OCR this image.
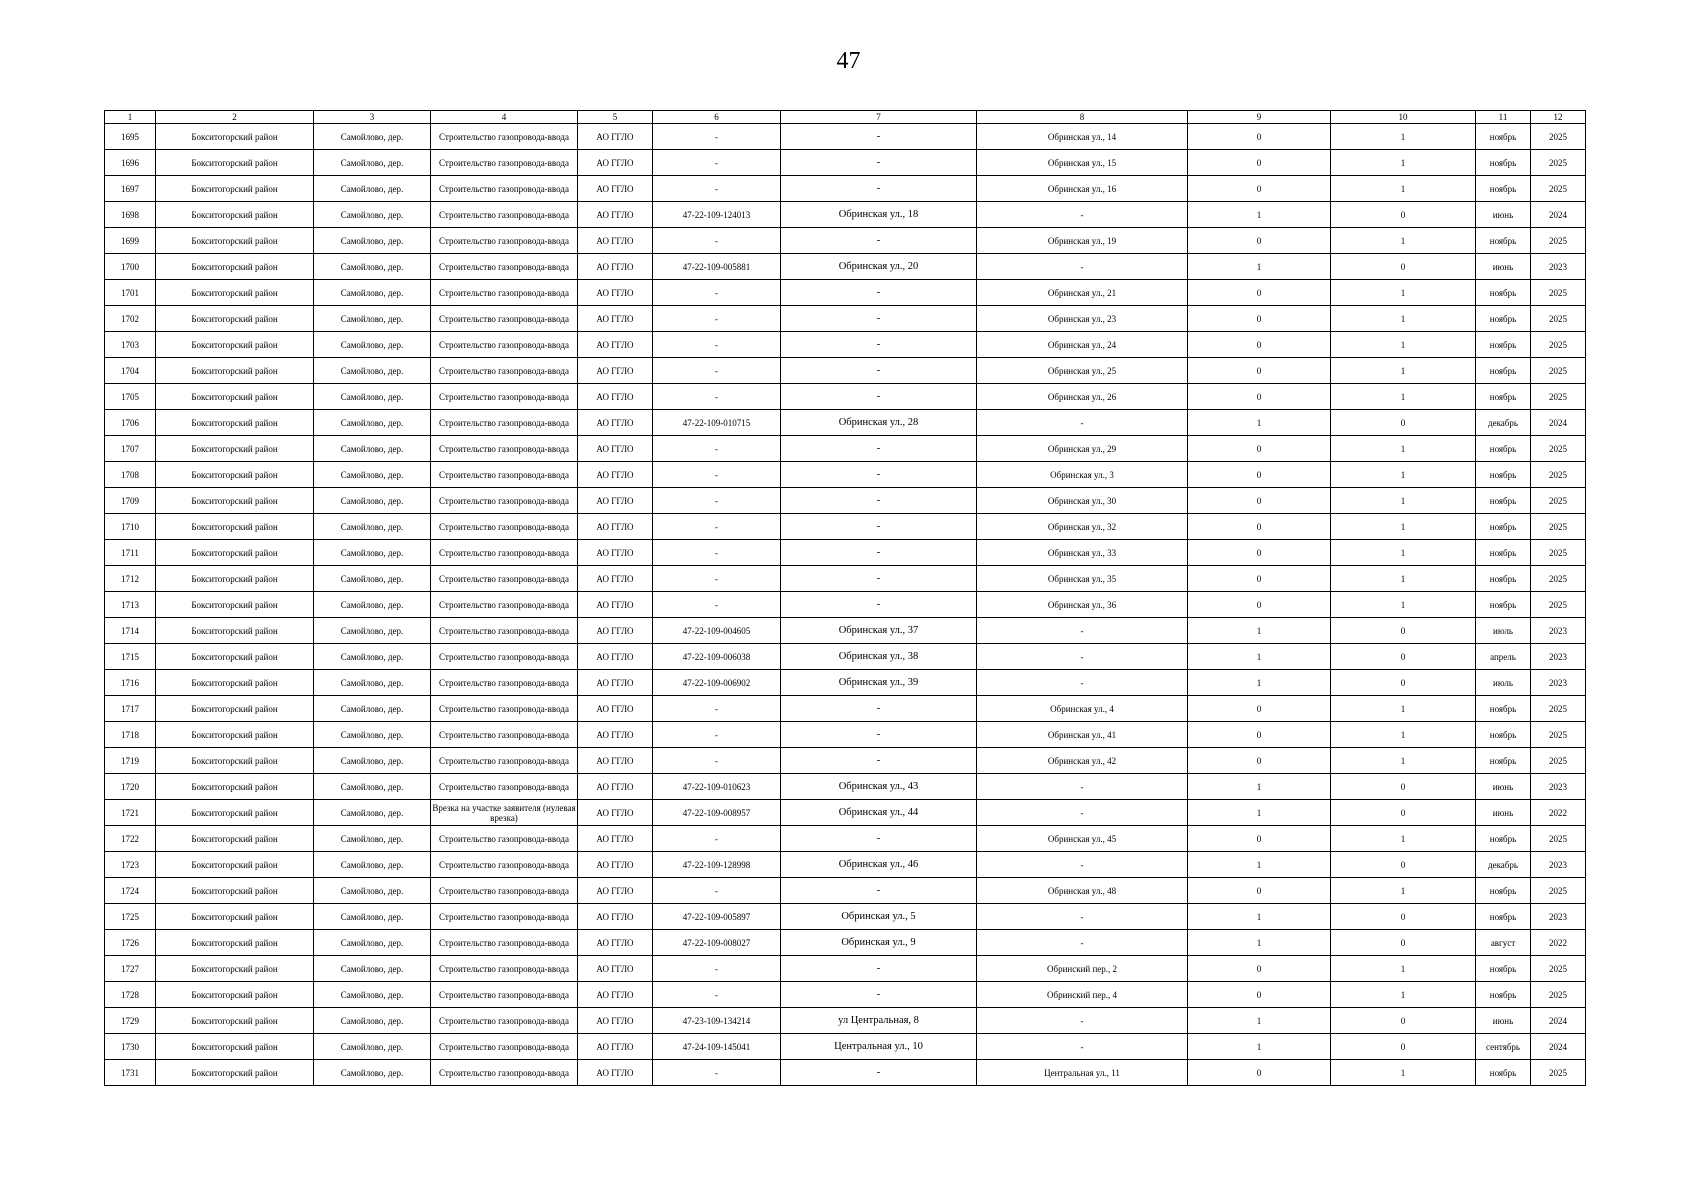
47
1	2	3	4	5	6	7	8	9	10	11	12
1695	Бокситогорский район	Самойлово, дер.	Строительство газопровода-ввода	АО ГГЛО	-	-	Обринская ул., 14	0	1	ноябрь	2025
1696	Бокситогорский район	Самойлово, дер.	Строительство газопровода-ввода	АО ГГЛО	-	-	Обринская ул., 15	0	1	ноябрь	2025
1697	Бокситогорский район	Самойлово, дер.	Строительство газопровода-ввода	АО ГГЛО	-	-	Обринская ул., 16	0	1	ноябрь	2025
1698	Бокситогорский район	Самойлово, дер.	Строительство газопровода-ввода	АО ГГЛО	47-22-109-124013	Обринская ул., 18	-	1	0	июнь	2024
1699	Бокситогорский район	Самойлово, дер.	Строительство газопровода-ввода	АО ГГЛО	-	-	Обринская ул., 19	0	1	ноябрь	2025
1700	Бокситогорский район	Самойлово, дер.	Строительство газопровода-ввода	АО ГГЛО	47-22-109-005881	Обринская ул., 20	-	1	0	июнь	2023
1701	Бокситогорский район	Самойлово, дер.	Строительство газопровода-ввода	АО ГГЛО	-	-	Обринская ул., 21	0	1	ноябрь	2025
1702	Бокситогорский район	Самойлово, дер.	Строительство газопровода-ввода	АО ГГЛО	-	-	Обринская ул., 23	0	1	ноябрь	2025
1703	Бокситогорский район	Самойлово, дер.	Строительство газопровода-ввода	АО ГГЛО	-	-	Обринская ул., 24	0	1	ноябрь	2025
1704	Бокситогорский район	Самойлово, дер.	Строительство газопровода-ввода	АО ГГЛО	-	-	Обринская ул., 25	0	1	ноябрь	2025
1705	Бокситогорский район	Самойлово, дер.	Строительство газопровода-ввода	АО ГГЛО	-	-	Обринская ул., 26	0	1	ноябрь	2025
1706	Бокситогорский район	Самойлово, дер.	Строительство газопровода-ввода	АО ГГЛО	47-22-109-010715	Обринская ул., 28	-	1	0	декабрь	2024
1707	Бокситогорский район	Самойлово, дер.	Строительство газопровода-ввода	АО ГГЛО	-	-	Обринская ул., 29	0	1	ноябрь	2025
1708	Бокситогорский район	Самойлово, дер.	Строительство газопровода-ввода	АО ГГЛО	-	-	Обринская ул., 3	0	1	ноябрь	2025
1709	Бокситогорский район	Самойлово, дер.	Строительство газопровода-ввода	АО ГГЛО	-	-	Обринская ул., 30	0	1	ноябрь	2025
1710	Бокситогорский район	Самойлово, дер.	Строительство газопровода-ввода	АО ГГЛО	-	-	Обринская ул., 32	0	1	ноябрь	2025
1711	Бокситогорский район	Самойлово, дер.	Строительство газопровода-ввода	АО ГГЛО	-	-	Обринская ул., 33	0	1	ноябрь	2025
1712	Бокситогорский район	Самойлово, дер.	Строительство газопровода-ввода	АО ГГЛО	-	-	Обринская ул., 35	0	1	ноябрь	2025
1713	Бокситогорский район	Самойлово, дер.	Строительство газопровода-ввода	АО ГГЛО	-	-	Обринская ул., 36	0	1	ноябрь	2025
1714	Бокситогорский район	Самойлово, дер.	Строительство газопровода-ввода	АО ГГЛО	47-22-109-004605	Обринская ул., 37	-	1	0	июль	2023
1715	Бокситогорский район	Самойлово, дер.	Строительство газопровода-ввода	АО ГГЛО	47-22-109-006038	Обринская ул., 38	-	1	0	апрель	2023
1716	Бокситогорский район	Самойлово, дер.	Строительство газопровода-ввода	АО ГГЛО	47-22-109-006902	Обринская ул., 39	-	1	0	июль	2023
1717	Бокситогорский район	Самойлово, дер.	Строительство газопровода-ввода	АО ГГЛО	-	-	Обринская ул., 4	0	1	ноябрь	2025
1718	Бокситогорский район	Самойлово, дер.	Строительство газопровода-ввода	АО ГГЛО	-	-	Обринская ул., 41	0	1	ноябрь	2025
1719	Бокситогорский район	Самойлово, дер.	Строительство газопровода-ввода	АО ГГЛО	-	-	Обринская ул., 42	0	1	ноябрь	2025
1720	Бокситогорский район	Самойлово, дер.	Строительство газопровода-ввода	АО ГГЛО	47-22-109-010623	Обринская ул., 43	-	1	0	июнь	2023
1721	Бокситогорский район	Самойлово, дер.	Врезка на участке заявителя (нулевая врезка)	АО ГГЛО	47-22-109-008957	Обринская ул., 44	-	1	0	июнь	2022
1722	Бокситогорский район	Самойлово, дер.	Строительство газопровода-ввода	АО ГГЛО	-	-	Обринская ул., 45	0	1	ноябрь	2025
1723	Бокситогорский район	Самойлово, дер.	Строительство газопровода-ввода	АО ГГЛО	47-22-109-128998	Обринская ул., 46	-	1	0	декабрь	2023
1724	Бокситогорский район	Самойлово, дер.	Строительство газопровода-ввода	АО ГГЛО	-	-	Обринская ул., 48	0	1	ноябрь	2025
1725	Бокситогорский район	Самойлово, дер.	Строительство газопровода-ввода	АО ГГЛО	47-22-109-005897	Обринская ул., 5	-	1	0	ноябрь	2023
1726	Бокситогорский район	Самойлово, дер.	Строительство газопровода-ввода	АО ГГЛО	47-22-109-008027	Обринская ул., 9	-	1	0	август	2022
1727	Бокситогорский район	Самойлово, дер.	Строительство газопровода-ввода	АО ГГЛО	-	-	Обринский пер., 2	0	1	ноябрь	2025
1728	Бокситогорский район	Самойлово, дер.	Строительство газопровода-ввода	АО ГГЛО	-	-	Обринский пер., 4	0	1	ноябрь	2025
1729	Бокситогорский район	Самойлово, дер.	Строительство газопровода-ввода	АО ГГЛО	47-23-109-134214	ул Центральная, 8	-	1	0	июнь	2024
1730	Бокситогорский район	Самойлово, дер.	Строительство газопровода-ввода	АО ГГЛО	47-24-109-145041	Центральная ул., 10	-	1	0	сентябрь	2024
1731	Бокситогорский район	Самойлово, дер.	Строительство газопровода-ввода	АО ГГЛО	-	-	Центральная ул., 11	0	1	ноябрь	2025
